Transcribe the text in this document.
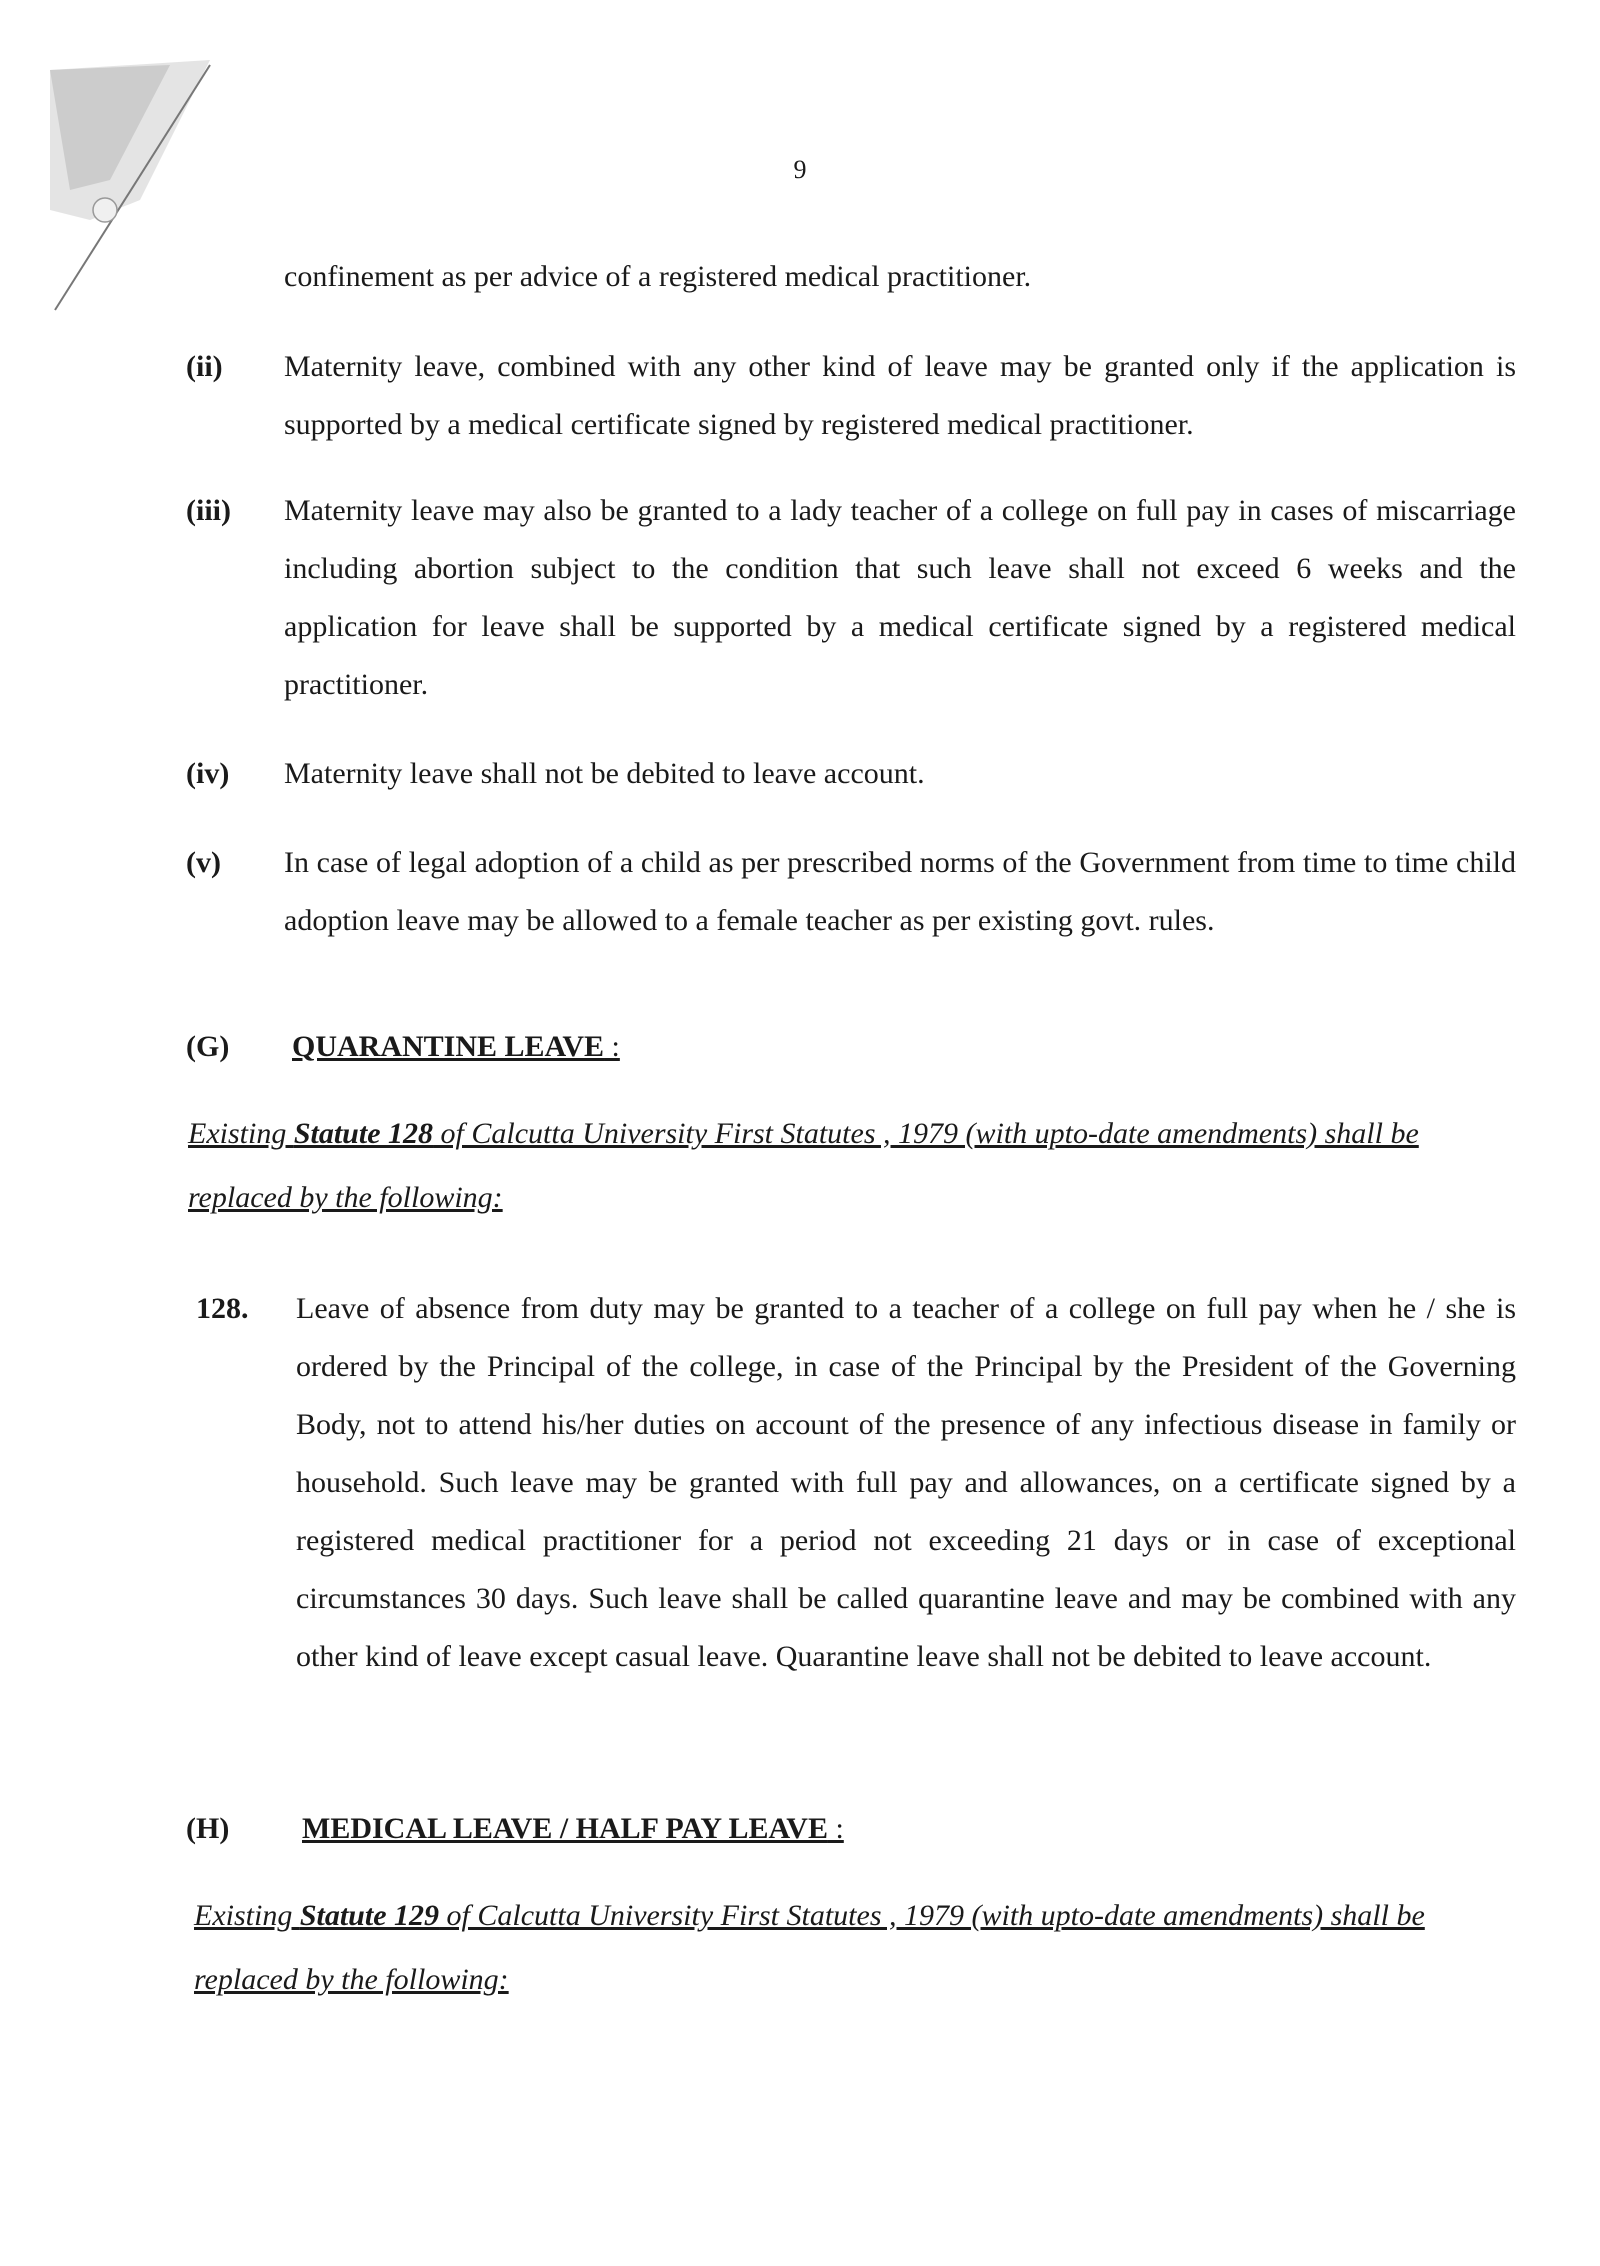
9
confinement as per advice of a registered medical practitioner.
(ii) Maternity leave, combined with any other kind of leave may be granted only if the application is supported by a medical certificate signed by registered medical practitioner.
(iii) Maternity leave may also be granted to a lady teacher of a college on full pay in cases of miscarriage including abortion subject to the condition that such leave shall not exceed 6 weeks and the application for leave shall be supported by a medical certificate signed by a registered medical practitioner.
(iv) Maternity leave shall not be debited to leave account.
(v) In case of legal adoption of a child as per prescribed norms of the Government from time to time child adoption leave may be allowed to a female teacher as per existing govt. rules.
(G) QUARANTINE LEAVE :
Existing Statute 128 of Calcutta University First Statutes , 1979 (with upto-date amendments) shall be replaced by the following:
128. Leave of absence from duty may be granted to a teacher of a college on full pay when he / she is ordered by the Principal of the college, in case of the Principal by the President of the Governing Body, not to attend his/her duties on account of the presence of any infectious disease in family or household. Such leave may be granted with full pay and allowances, on a certificate signed by a registered medical practitioner for a period not exceeding 21 days or in case of exceptional circumstances 30 days. Such leave shall be called quarantine leave and may be combined with any other kind of leave except casual leave. Quarantine leave shall not be debited to leave account.
(H) MEDICAL LEAVE / HALF PAY LEAVE :
Existing Statute 129 of Calcutta University First Statutes , 1979 (with upto-date amendments) shall be replaced by the following:
